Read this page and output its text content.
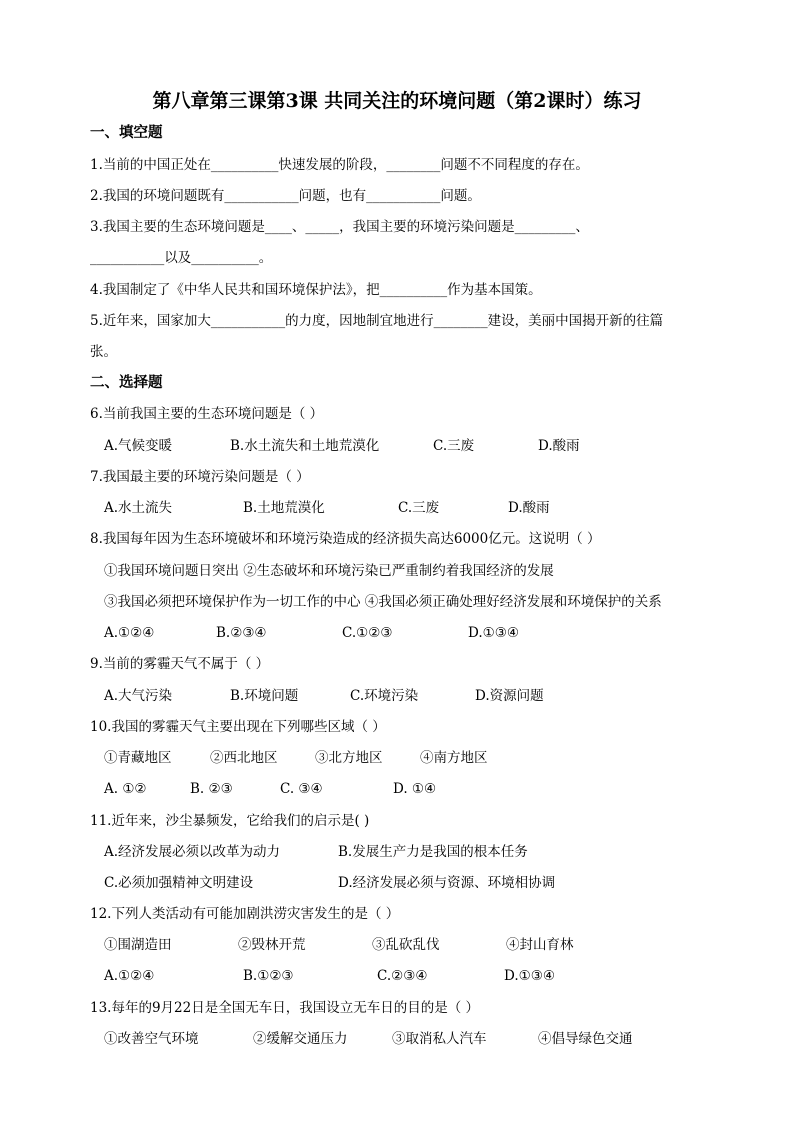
第八章第三课第3课 共同关注的环境问题（第2课时）练习
一、填空题
1.当前的中国正处在__________快速发展的阶段，________问题不不同程度的存在。
2.我国的环境问题既有___________问题，也有___________问题。
3.我国主要的生态环境问题是____、_____，我国主要的环境污染问题是_________、
___________以及__________。
4.我国制定了《中华人民共和国环境保护法》，把__________作为基本国策。
5.近年来，国家加大___________的力度，因地制宜地进行________建设，美丽中国揭开新的往篇
张。
二、选择题
6.当前我国主要的生态环境问题是（ ）
A.气候变暖	B.水土流失和土地荒漠化	C.三废	D.酸雨
7.我国最主要的环境污染问题是（ ）
A.水土流失	B.土地荒漠化	C.三废	D.酸雨
8.我国每年因为生态环境破坏和环境污染造成的经济损失高达6000亿元。这说明（ ）
①我国环境问题日突出 ②生态破坏和环境污染已严重制约着我国经济的发展
③我国必须把环境保护作为一切工作的中心 ④我国必须正确处理好经济发展和环境保护的关系
A.①②④	B.②③④	C.①②③	D.①③④
9.当前的雾霾天气不属于（ ）
A.大气污染	B.环境问题	C.环境污染	D.资源问题
10.我国的雾霾天气主要出现在下列哪些区域（ ）
①青藏地区	②西北地区	③北方地区	④南方地区
A. ①②	B. ②③	C. ③④	D. ①④
11.近年来，沙尘暴频发，它给我们的启示是( )
A.经济发展必须以改革为动力	B.发展生产力是我国的根本任务
C.必须加强精神文明建设	D.经济发展必须与资源、环境相协调
12.下列人类活动有可能加剧洪涝灾害发生的是（ ）
①围湖造田	②毁林开荒	③乱砍乱伐	④封山育林
A.①②④	B.①②③	C.②③④	D.①③④
13.每年的9月22日是全国无车日，我国设立无车日的目的是（ ）
①改善空气环境	②缓解交通压力	③取消私人汽车	④倡导绿色交通
